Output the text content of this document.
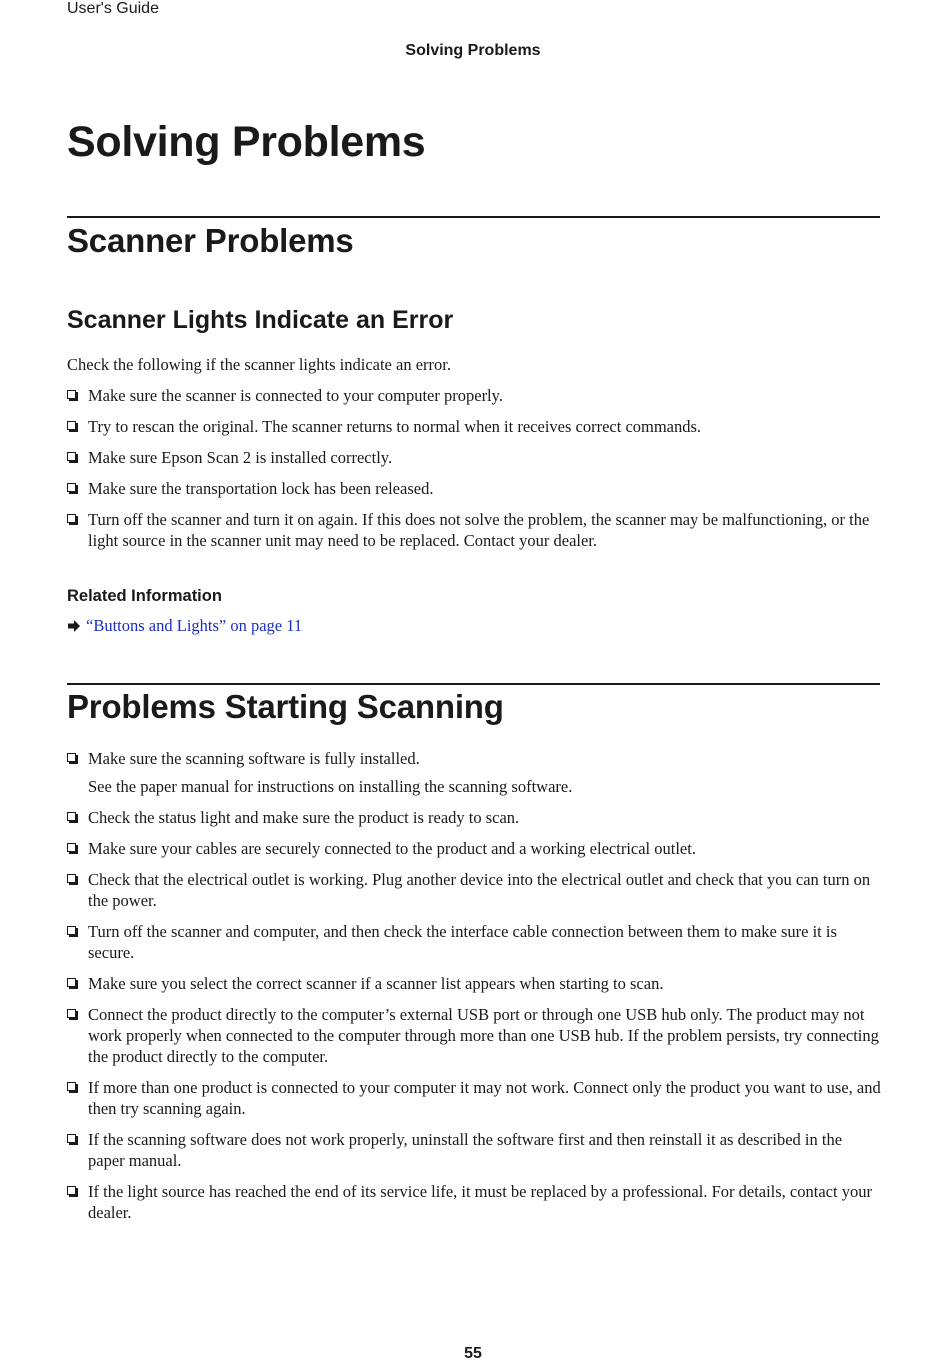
User's Guide
Solving Problems
Solving Problems
Scanner Problems
Scanner Lights Indicate an Error
Check the following if the scanner lights indicate an error.
Make sure the scanner is connected to your computer properly.
Try to rescan the original. The scanner returns to normal when it receives correct commands.
Make sure Epson Scan 2 is installed correctly.
Make sure the transportation lock has been released.
Turn off the scanner and turn it on again. If this does not solve the problem, the scanner may be malfunctioning, or the light source in the scanner unit may need to be replaced. Contact your dealer.
Related Information
“Buttons and Lights” on page 11
Problems Starting Scanning
Make sure the scanning software is fully installed.
See the paper manual for instructions on installing the scanning software.
Check the status light and make sure the product is ready to scan.
Make sure your cables are securely connected to the product and a working electrical outlet.
Check that the electrical outlet is working. Plug another device into the electrical outlet and check that you can turn on the power.
Turn off the scanner and computer, and then check the interface cable connection between them to make sure it is secure.
Make sure you select the correct scanner if a scanner list appears when starting to scan.
Connect the product directly to the computer’s external USB port or through one USB hub only. The product may not work properly when connected to the computer through more than one USB hub. If the problem persists, try connecting the product directly to the computer.
If more than one product is connected to your computer it may not work. Connect only the product you want to use, and then try scanning again.
If the scanning software does not work properly, uninstall the software first and then reinstall it as described in the paper manual.
If the light source has reached the end of its service life, it must be replaced by a professional. For details, contact your dealer.
55
